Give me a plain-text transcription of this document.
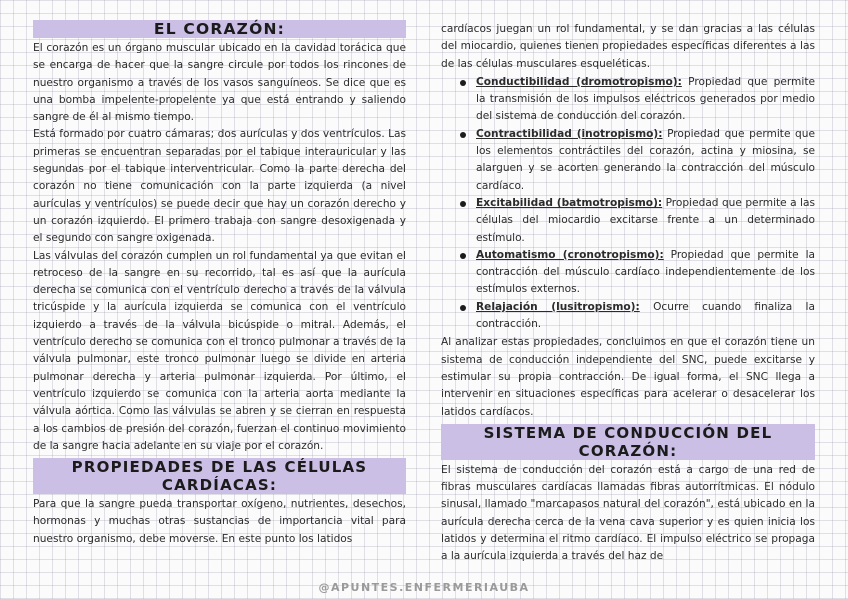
EL CORAZÓN:

El corazón es un órgano muscular ubicado en la cavidad torácica que se encarga de hacer que la sangre circule por todos los rincones de nuestro organismo a través de los vasos sanguíneos. Se dice que es una bomba impelente-propelente ya que está entrando y saliendo sangre de él al mismo tiempo.

Está formado por cuatro cámaras; dos aurículas y dos ventrículos. Las primeras se encuentran separadas por el tabique interauricular y las segundas por el tabique interventricular. Como la parte derecha del corazón no tiene comunicación con la parte izquierda (a nivel aurículas y ventrículos) se puede decir que hay un corazón derecho y un corazón izquierdo. El primero trabaja con sangre desoxigenada y el segundo con sangre oxigenada.

Las válvulas del corazón cumplen un rol fundamental ya que evitan el retroceso de la sangre en su recorrido, tal es así que la aurícula derecha se comunica con el ventrículo derecho a través de la válvula tricúspide y la aurícula izquierda se comunica con el ventrículo izquierdo a través de la válvula bicúspide o mitral. Además, el ventrículo derecho se comunica con el tronco pulmonar a través de la válvula pulmonar, este tronco pulmonar luego se divide en arteria pulmonar derecha y arteria pulmonar izquierda. Por último, el ventrículo izquierdo se comunica con la arteria aorta mediante la válvula aórtica. Como las válvulas se abren y se cierran en respuesta a los cambios de presión del corazón, fuerzan el continuo movimiento de la sangre hacia adelante en su viaje por el corazón.

PROPIEDADES DE LAS CÉLULAS CARDÍACAS:

Para que la sangre pueda transportar oxígeno, nutrientes, desechos, hormonas y muchas otras sustancias de importancia vital para nuestro organismo, debe moverse. En este punto los latidos

cardíacos juegan un rol fundamental, y se dan gracias a las células del miocardio, quienes tienen propiedades específicas diferentes a las de las células musculares esqueléticas.

Conductibilidad (dromotropismo): Propiedad que permite la transmisión de los impulsos eléctricos generados por medio del sistema de conducción del corazón.
Contractibilidad (inotropismo): Propiedad que permite que los elementos contráctiles del corazón, actina y miosina, se alarguen y se acorten generando la contracción del músculo cardíaco.
Excitabilidad (batmotropismo): Propiedad que permite a las células del miocardio excitarse frente a un determinado estímulo.
Automatismo (cronotropismo): Propiedad que permite la contracción del músculo cardíaco independientemente de los estímulos externos.
Relajación (lusitropismo): Ocurre cuando finaliza la contracción.

Al analizar estas propiedades, concluimos en que el corazón tiene un sistema de conducción independiente del SNC, puede excitarse y estimular su propia contracción. De igual forma, el SNC llega a intervenir en situaciones específicas para acelerar o desacelerar los latidos cardíacos.

SISTEMA DE CONDUCCIÓN DEL CORAZÓN:

El sistema de conducción del corazón está a cargo de una red de fibras musculares cardíacas llamadas fibras autorrítmicas. El nódulo sinusal, llamado "marcapasos natural del corazón", está ubicado en la aurícula derecha cerca de la vena cava superior y es quien inicia los latidos y determina el ritmo cardíaco. El impulso eléctrico se propaga a la aurícula izquierda a través del haz de

@APUNTES.ENFERMERIAUBA
